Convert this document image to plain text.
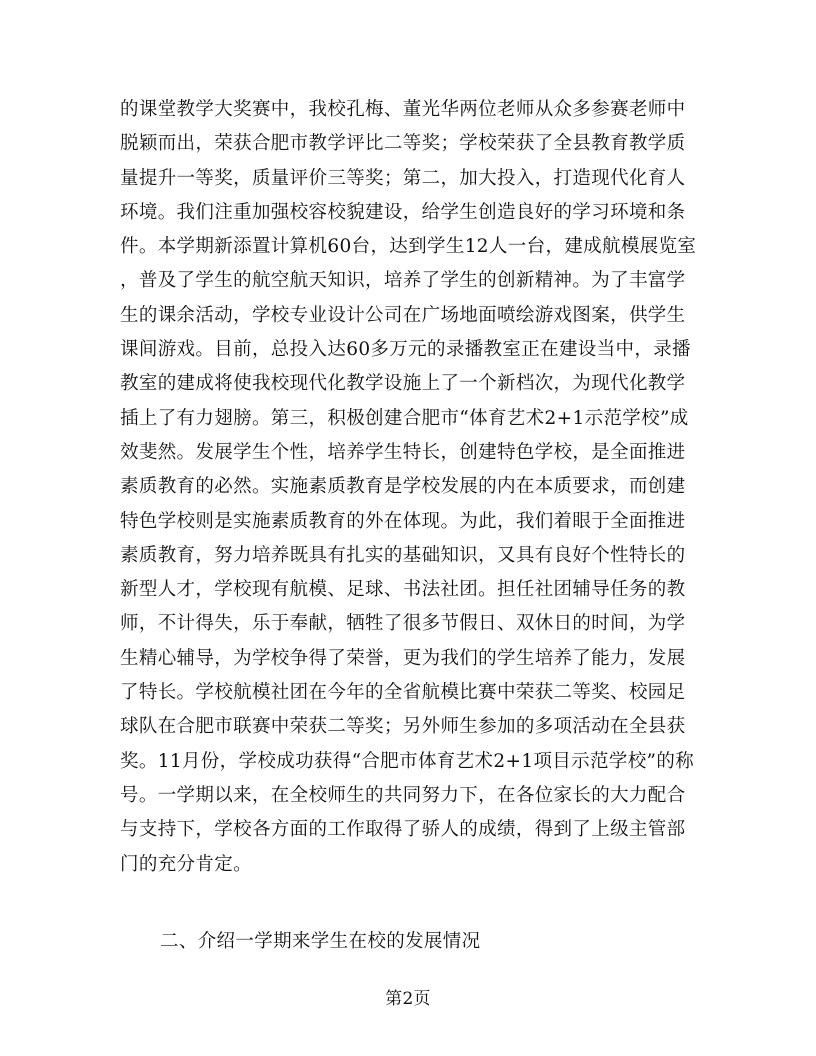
的课堂教学大奖赛中，我校孔梅、董光华两位老师从众多参赛老师中
脱颖而出，荣获合肥市教学评比二等奖；学校荣获了全县教育教学质
量提升一等奖，质量评价三等奖；第二，加大投入，打造现代化育人
环境。我们注重加强校容校貌建设，给学生创造良好的学习环境和条
件。本学期新添置计算机60台，达到学生12人一台，建成航模展览室
，普及了学生的航空航天知识，培养了学生的创新精神。为了丰富学
生的课余活动，学校专业设计公司在广场地面喷绘游戏图案，供学生
课间游戏。目前，总投入达60多万元的录播教室正在建设当中，录播
教室的建成将使我校现代化教学设施上了一个新档次，为现代化教学
插上了有力翅膀。第三，积极创建合肥市“体育艺术2+1示范学校”成
效斐然。发展学生个性，培养学生特长，创建特色学校，是全面推进
素质教育的必然。实施素质教育是学校发展的内在本质要求，而创建
特色学校则是实施素质教育的外在体现。为此，我们着眼于全面推进
素质教育，努力培养既具有扎实的基础知识，又具有良好个性特长的
新型人才，学校现有航模、足球、书法社团。担任社团辅导任务的教
师，不计得失，乐于奉献，牺牲了很多节假日、双休日的时间，为学
生精心辅导，为学校争得了荣誉，更为我们的学生培养了能力，发展
了特长。学校航模社团在今年的全省航模比赛中荣获二等奖、校园足
球队在合肥市联赛中荣获二等奖；另外师生参加的多项活动在全县获
奖。11月份，学校成功获得“合肥市体育艺术2+1项目示范学校”的称
号。一学期以来，在全校师生的共同努力下，在各位家长的大力配合
与支持下，学校各方面的工作取得了骄人的成绩，得到了上级主管部
门的充分肯定。
二、介绍一学期来学生在校的发展情况
第2页
